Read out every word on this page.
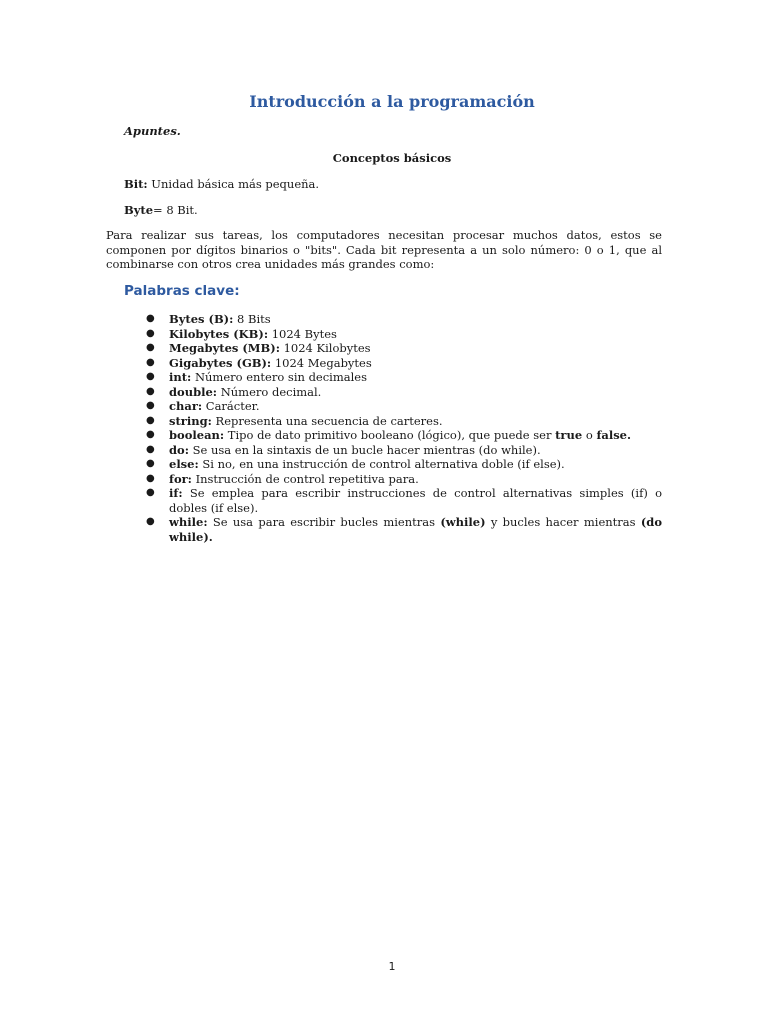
Introducción a la programación

Apuntes.

Conceptos básicos

Bit: Unidad básica más pequeña.

Byte= 8 Bit.

Para realizar sus tareas, los computadores necesitan procesar muchos datos, estos se componen por dígitos binarios o "bits". Cada bit representa a un solo número: 0 o 1, que al combinarse con otros crea unidades más grandes como:

Palabras clave:
● Bytes (B): 8 Bits
● Kilobytes (KB): 1024 Bytes
● Megabytes (MB): 1024 Kilobytes
● Gigabytes (GB): 1024 Megabytes
● int: Número entero sin decimales
● double: Número decimal.
● char: Carácter.
● string: Representa una secuencia de carteres.
● boolean: Tipo de dato primitivo booleano (lógico), que puede ser true o false.
● do: Se usa en la sintaxis de un bucle hacer mientras (do while).
● else: Si no, en una instrucción de control alternativa doble (if else).
● for: Instrucción de control repetitiva para.
● if: Se emplea para escribir instrucciones de control alternativas simples (if) o dobles (if else).
● while: Se usa para escribir bucles mientras (while) y bucles hacer mientras (do while).

1
